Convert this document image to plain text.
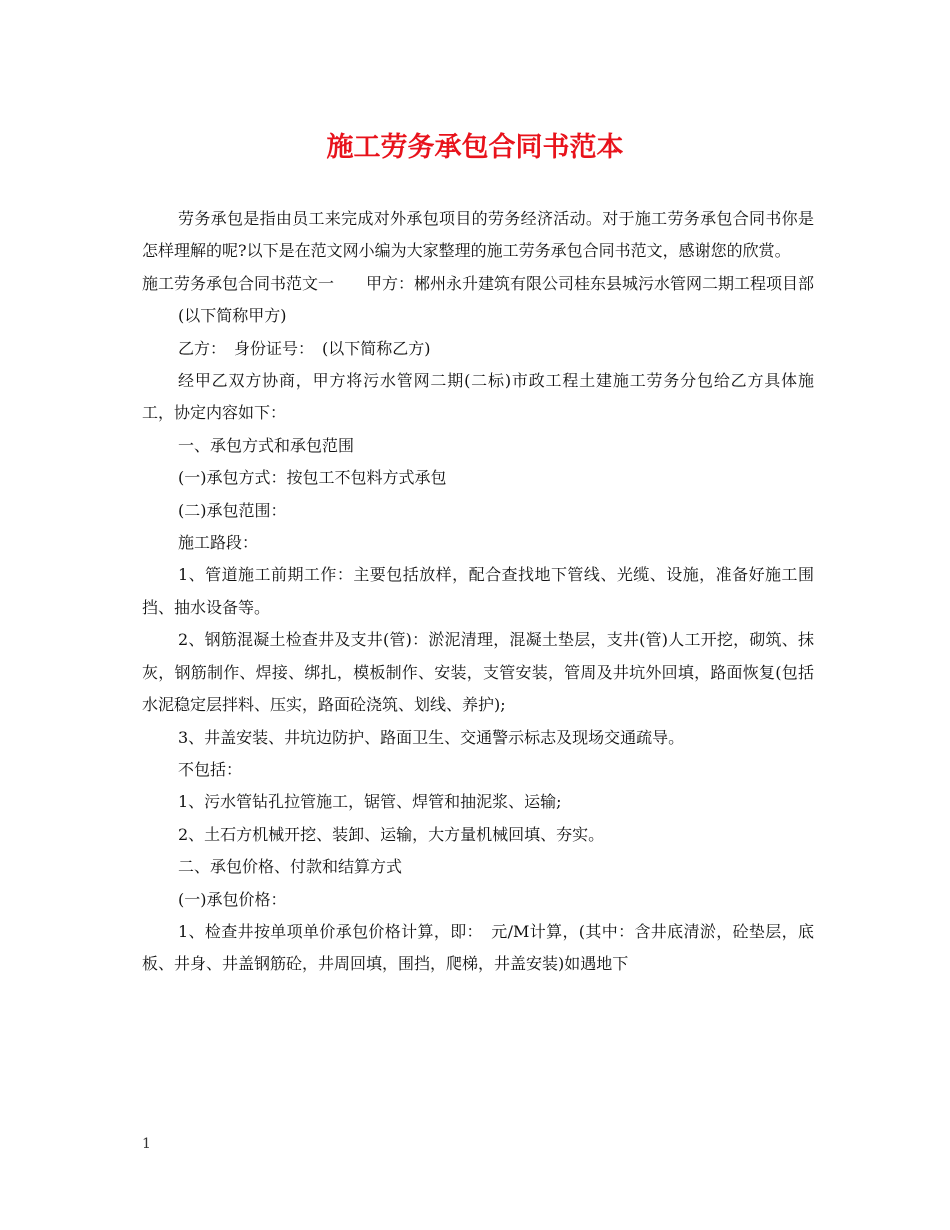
施工劳务承包合同书范本

劳务承包是指由员工来完成对外承包项目的劳务经济活动。对于施工劳务承包合同书你是怎样理解的呢?以下是在范文网小编为大家整理的施工劳务承包合同书范文，感谢您的欣赏。

施工劳务承包合同书范文一　　甲方：郴州永升建筑有限公司桂东县城污水管网二期工程项目部

(以下简称甲方)

乙方：　身份证号：　(以下简称乙方)

经甲乙双方协商，甲方将污水管网二期(二标)市政工程土建施工劳务分包给乙方具体施工，协定内容如下：

一、承包方式和承包范围

(一)承包方式：按包工不包料方式承包

(二)承包范围：

施工路段：

1、管道施工前期工作：主要包括放样，配合查找地下管线、光缆、设施，准备好施工围挡、抽水设备等。

2、钢筋混凝土检查井及支井(管)：淤泥清理，混凝土垫层，支井(管)人工开挖，砌筑、抹灰，钢筋制作、焊接、绑扎，模板制作、安装，支管安装，管周及井坑外回填，路面恢复(包括水泥稳定层拌料、压实，路面砼浇筑、划线、养护);

3、井盖安装、井坑边防护、路面卫生、交通警示标志及现场交通疏导。

不包括：

1、污水管钻孔拉管施工，锯管、焊管和抽泥浆、运输;

2、土石方机械开挖、装卸、运输，大方量机械回填、夯实。

二、承包价格、付款和结算方式

(一)承包价格：

1、检查井按单项单价承包价格计算，即：　元/M计算，(其中：含井底清淤，砼垫层，底板、井身、井盖钢筋砼，井周回填，围挡，爬梯，井盖安装)如遇地下

1
